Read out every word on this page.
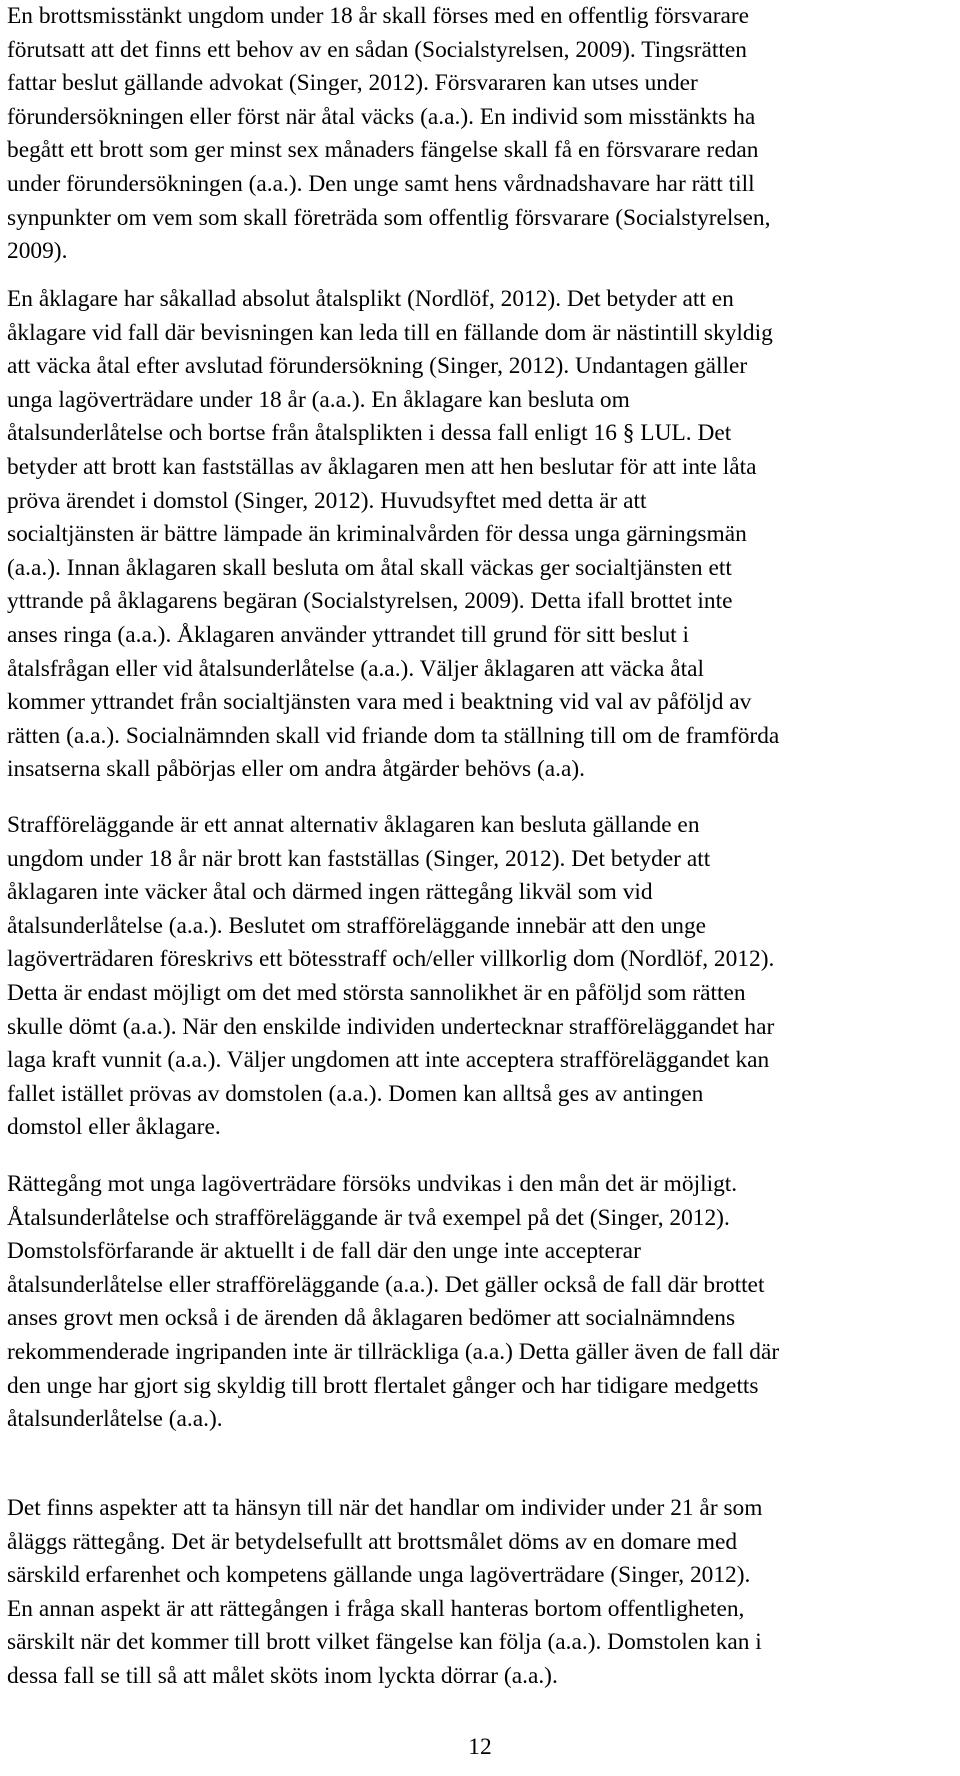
En brottsmisstänkt ungdom under 18 år skall förses med en offentlig försvarare
förutsatt att det finns ett behov av en sådan (Socialstyrelsen, 2009). Tingsrätten
fattar beslut gällande advokat (Singer, 2012). Försvararen kan utses under
förundersökningen eller först när åtal väcks (a.a.). En individ som misstänkts ha
begått ett brott som ger minst sex månaders fängelse skall få en försvarare redan
under förundersökningen (a.a.). Den unge samt hens vårdnadshavare har rätt till
synpunkter om vem som skall företräda som offentlig försvarare (Socialstyrelsen,
2009).

En åklagare har såkallad absolut åtalsplikt (Nordlöf, 2012). Det betyder att en
åklagare vid fall där bevisningen kan leda till en fällande dom är nästintill skyldig
att väcka åtal efter avslutad förundersökning (Singer, 2012). Undantagen gäller
unga lagöverträdare under 18 år (a.a.). En åklagare kan besluta om
åtalsunderlåtelse och bortse från åtalsplikten i dessa fall enligt 16 § LUL. Det
betyder att brott kan fastställas av åklagaren men att hen beslutar för att inte låta
pröva ärendet i domstol (Singer, 2012). Huvudsyftet med detta är att
socialtjänsten är bättre lämpade än kriminalvården för dessa unga gärningsmän
(a.a.). Innan åklagaren skall besluta om åtal skall väckas ger socialtjänsten ett
yttrande på åklagarens begäran (Socialstyrelsen, 2009). Detta ifall brottet inte
anses ringa (a.a.). Åklagaren använder yttrandet till grund för sitt beslut i
åtalsfrågan eller vid åtalsunderlåtelse (a.a.). Väljer åklagaren att väcka åtal
kommer yttrandet från socialtjänsten vara med i beaktning vid val av påföljd av
rätten (a.a.). Socialnämnden skall vid friande dom ta ställning till om de framförda
insatserna skall påbörjas eller om andra åtgärder behövs (a.a).

Strafföreläggande är ett annat alternativ åklagaren kan besluta gällande en
ungdom under 18 år när brott kan fastställas (Singer, 2012). Det betyder att
åklagaren inte väcker åtal och därmed ingen rättegång likväl som vid
åtalsunderlåtelse (a.a.). Beslutet om strafföreläggande innebär att den unge
lagöverträdaren föreskrivs ett bötesstraff och/eller villkorlig dom (Nordlöf, 2012).
Detta är endast möjligt om det med största sannolikhet är en påföljd som rätten
skulle dömt (a.a.). När den enskilde individen undertecknar strafföreläggandet har
laga kraft vunnit (a.a.). Väljer ungdomen att inte acceptera strafföreläggandet kan
fallet istället prövas av domstolen (a.a.). Domen kan alltså ges av antingen
domstol eller åklagare.

Rättegång mot unga lagöverträdare försöks undvikas i den mån det är möjligt.
Åtalsunderlåtelse och strafföreläggande är två exempel på det (Singer, 2012).
Domstolsförfarande är aktuellt i de fall där den unge inte accepterar
åtalsunderlåtelse eller strafföreläggande (a.a.). Det gäller också de fall där brottet
anses grovt men också i de ärenden då åklagaren bedömer att socialnämndens
rekommenderade ingripanden inte är tillräckliga (a.a.) Detta gäller även de fall där
den unge har gjort sig skyldig till brott flertalet gånger och har tidigare medgetts
åtalsunderlåtelse (a.a.).

Det finns aspekter att ta hänsyn till när det handlar om individer under 21 år som
åläggs rättegång. Det är betydelsefullt att brottsmålet döms av en domare med
särskild erfarenhet och kompetens gällande unga lagöverträdare (Singer, 2012).
En annan aspekt är att rättegången i fråga skall hanteras bortom offentligheten,
särskilt när det kommer till brott vilket fängelse kan följa (a.a.). Domstolen kan i
dessa fall se till så att målet sköts inom lyckta dörrar (a.a.).

12
